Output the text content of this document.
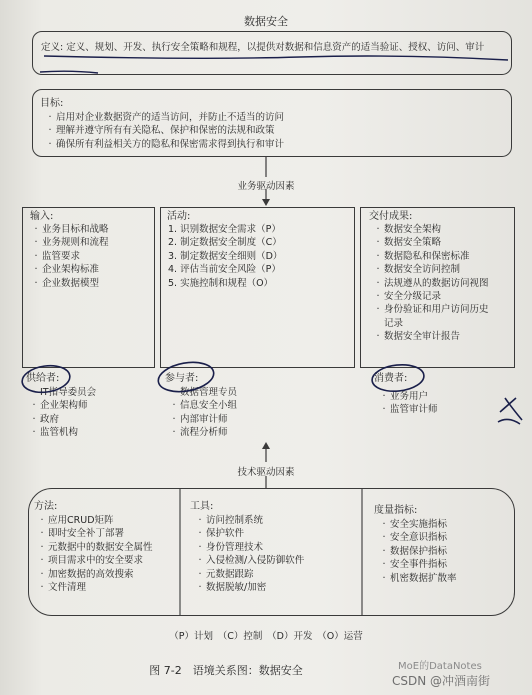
数据安全
定义: 定义、规划、开发、执行安全策略和规程，以提供对数据和信息资产的适当验证、授权、访问、审计
目标:
· 启用对企业数据资产的适当访问，并防止不适当的访问
· 理解并遵守所有有关隐私、保护和保密的法规和政策
· 确保所有利益相关方的隐私和保密需求得到执行和审计
业务驱动因素
输入:
· 业务目标和战略
· 业务规则和流程
· 监管要求
· 企业架构标准
· 企业数据模型
活动:
1. 识别数据安全需求（P）
2. 制定数据安全制度（C）
3. 制定数据安全细则（D）
4. 评估当前安全风险（P）
5. 实施控制和规程（O）
交付成果:
· 数据安全架构
· 数据安全策略
· 数据隐私和保密标准
· 数据安全访问控制
· 法规遵从的数据访问视图
· 安全分级记录
· 身份验证和用户访问历史
记录
· 数据安全审计报告
供给者:
· IT指导委员会
· 企业架构师
· 政府
· 监管机构
参与者:
· 数据管理专员
· 信息安全小组
· 内部审计师
· 流程分析师
消费者:
· 业务用户
· 监管审计师
技术驱动因素
方法:
· 应用CRUD矩阵
· 即时安全补丁部署
· 元数据中的数据安全属性
· 项目需求中的安全要求
· 加密数据的高效搜索
· 文件清理
工具:
· 访问控制系统
· 保护软件
· 身份管理技术
· 入侵检测/入侵防御软件
· 元数据跟踪
· 数据脱敏/加密
度量指标:
· 安全实施指标
· 安全意识指标
· 数据保护指标
· 安全事件指标
· 机密数据扩散率
（P）计划　（C）控制　（D）开发　（O）运营
图 7-2　语境关系图：数据安全	MoE的DataNotes
CSDN @冲酒南街
